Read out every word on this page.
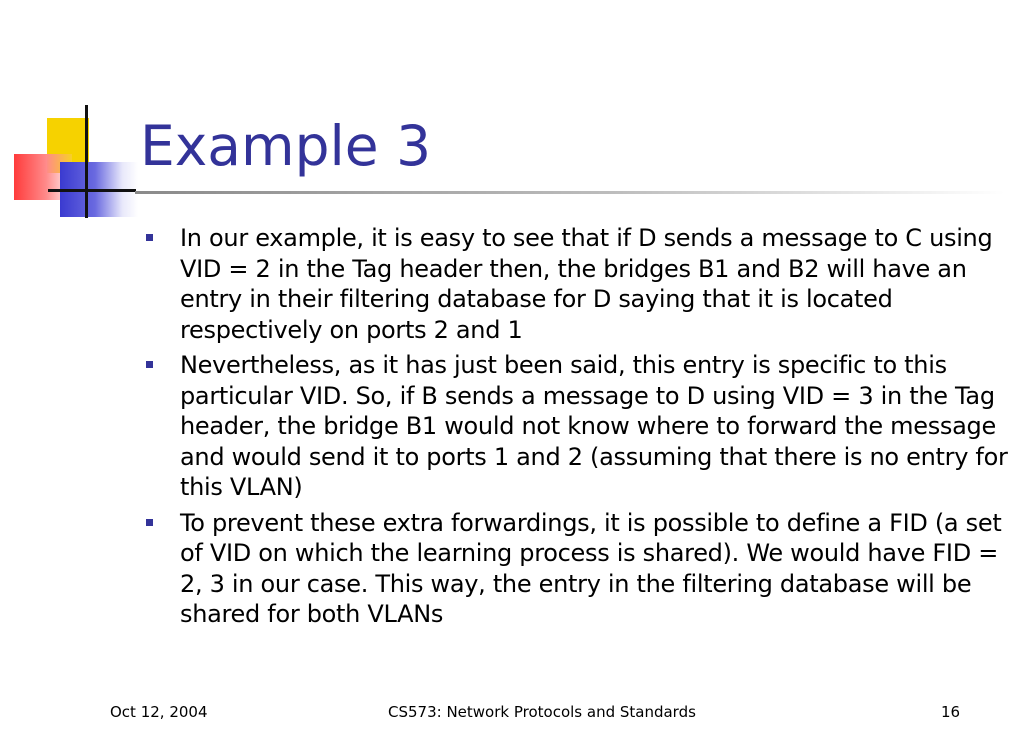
Example 3
In our example, it is easy to see that if D sends a message to C using VID = 2 in the Tag header then, the bridges B1 and B2 will have an entry in their filtering database for D saying that it is located respectively on ports 2 and 1
Nevertheless, as it has just been said, this entry is specific to this particular VID. So, if B sends a message to D using VID = 3 in the Tag header, the bridge B1 would not know where to forward the message and would send it to ports 1 and 2 (assuming that there is no entry for this VLAN)
To prevent these extra forwardings, it is possible to define a FID (a set of VID on which the learning process is shared). We would have FID = 2, 3 in our case. This way, the entry in the filtering database will be shared for both VLANs
Oct 12, 2004	CS573: Network Protocols and Standards	16
